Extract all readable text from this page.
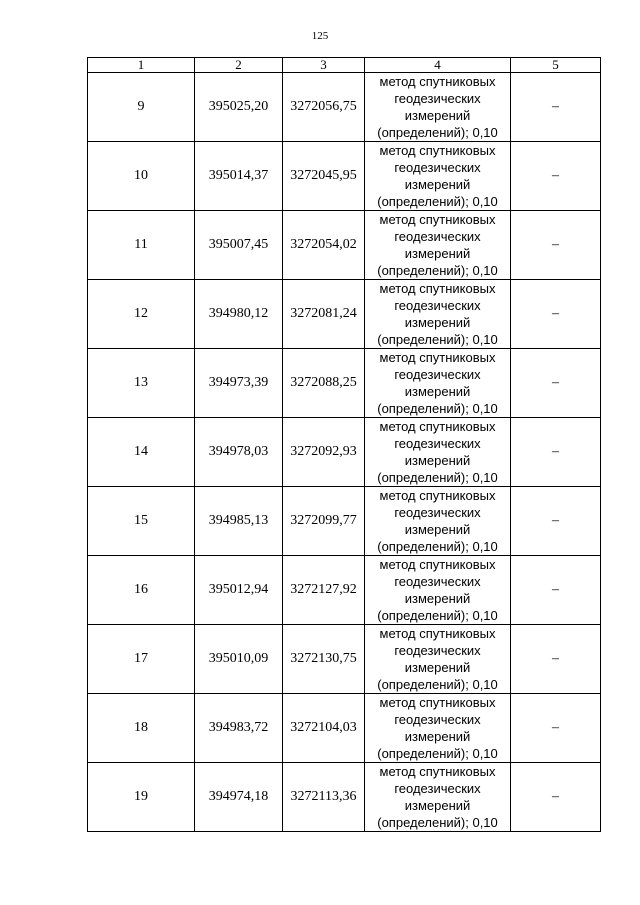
125
1	2	3	4	5
9	395025,20	3272056,75	метод спутниковых
геодезических
измерений
(определений); 0,10	–
10	395014,37	3272045,95	метод спутниковых
геодезических
измерений
(определений); 0,10	–
11	395007,45	3272054,02	метод спутниковых
геодезических
измерений
(определений); 0,10	–
12	394980,12	3272081,24	метод спутниковых
геодезических
измерений
(определений); 0,10	–
13	394973,39	3272088,25	метод спутниковых
геодезических
измерений
(определений); 0,10	–
14	394978,03	3272092,93	метод спутниковых
геодезических
измерений
(определений); 0,10	–
15	394985,13	3272099,77	метод спутниковых
геодезических
измерений
(определений); 0,10	–
16	395012,94	3272127,92	метод спутниковых
геодезических
измерений
(определений); 0,10	–
17	395010,09	3272130,75	метод спутниковых
геодезических
измерений
(определений); 0,10	–
18	394983,72	3272104,03	метод спутниковых
геодезических
измерений
(определений); 0,10	–
19	394974,18	3272113,36	метод спутниковых
геодезических
измерений
(определений); 0,10	–
